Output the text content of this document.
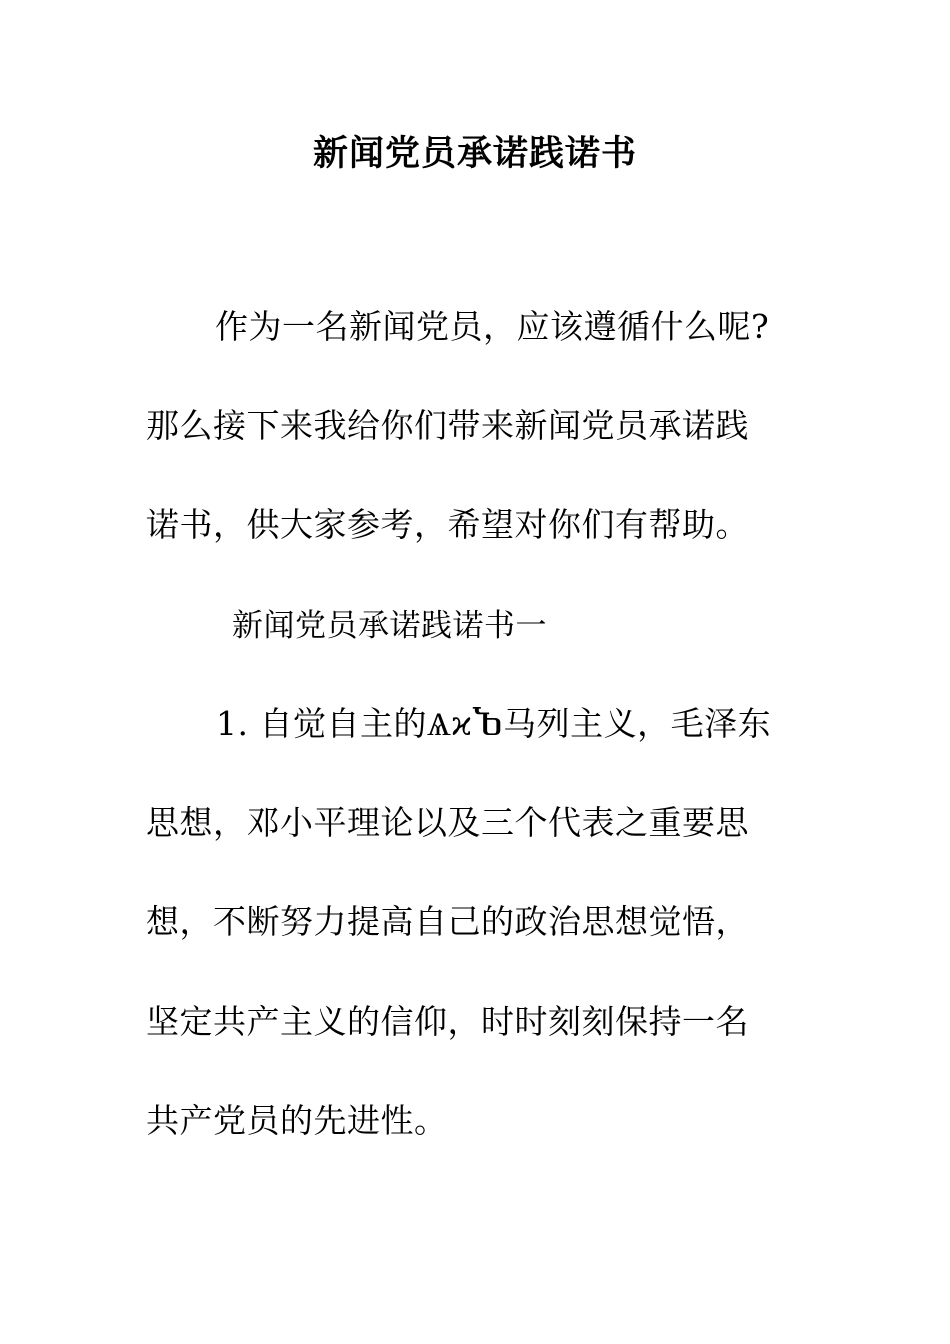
新闻党员承诺践诺书
作为一名新闻党员，应该遵循什么呢?
那么接下来我给你们带来新闻党员承诺践
诺书，供大家参考，希望对你们有帮助。
新闻党员承诺践诺书一
1. 自觉自主的ѦϰႦ马列主义，毛泽东
思想，邓小平理论以及三个代表之重要思
想，不断努力提高自己的政治思想觉悟，
坚定共产主义的信仰，时时刻刻保持一名
共产党员的先进性。
